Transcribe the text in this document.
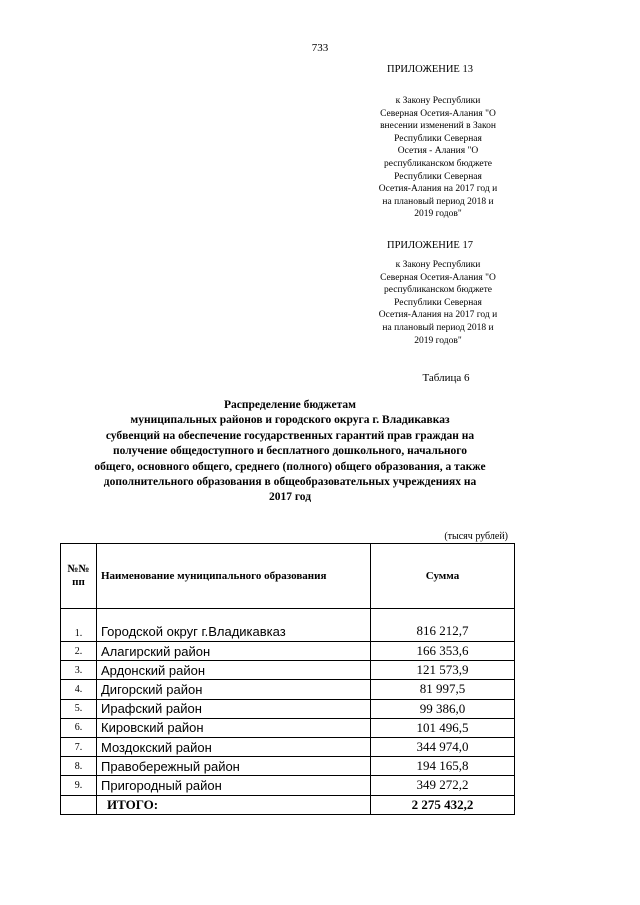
733
ПРИЛОЖЕНИЕ 13
к Закону Республики
Северная Осетия-Алания "О
внесении изменений в Закон
Республики Северная
Осетия - Алания "О
республиканском бюджете
Республики Северная
Осетия-Алания на 2017 год и
на плановый период 2018 и
2019 годов"
ПРИЛОЖЕНИЕ 17
к Закону Республики
Северная Осетия-Алания "О
республиканском бюджете
Республики Северная
Осетия-Алания на 2017 год и
на плановый период 2018 и
2019 годов"
Таблица 6
Распределение бюджетам
муниципальных районов и городского округа г. Владикавказ
субвенций на обеспечение государственных гарантий прав граждан на
получение общедоступного и бесплатного дошкольного, начального
общего, основного общего, среднего (полного) общего образования, а также
дополнительного образования в общеобразовательных учреждениях на
2017 год
(тысяч рублей)
№№
пп	Наименование муниципального образования	Сумма
1.	Городской округ г.Владикавказ	816 212,7
2.	Алагирский район	166 353,6
3.	Ардонский район	121 573,9
4.	Дигорский район	81 997,5
5.	Ирафский район	99 386,0
6.	Кировский район	101 496,5
7.	Моздокский район	344 974,0
8.	Правобережный район	194 165,8
9.	Пригородный район	349 272,2
	ИТОГО:	2 275 432,2
